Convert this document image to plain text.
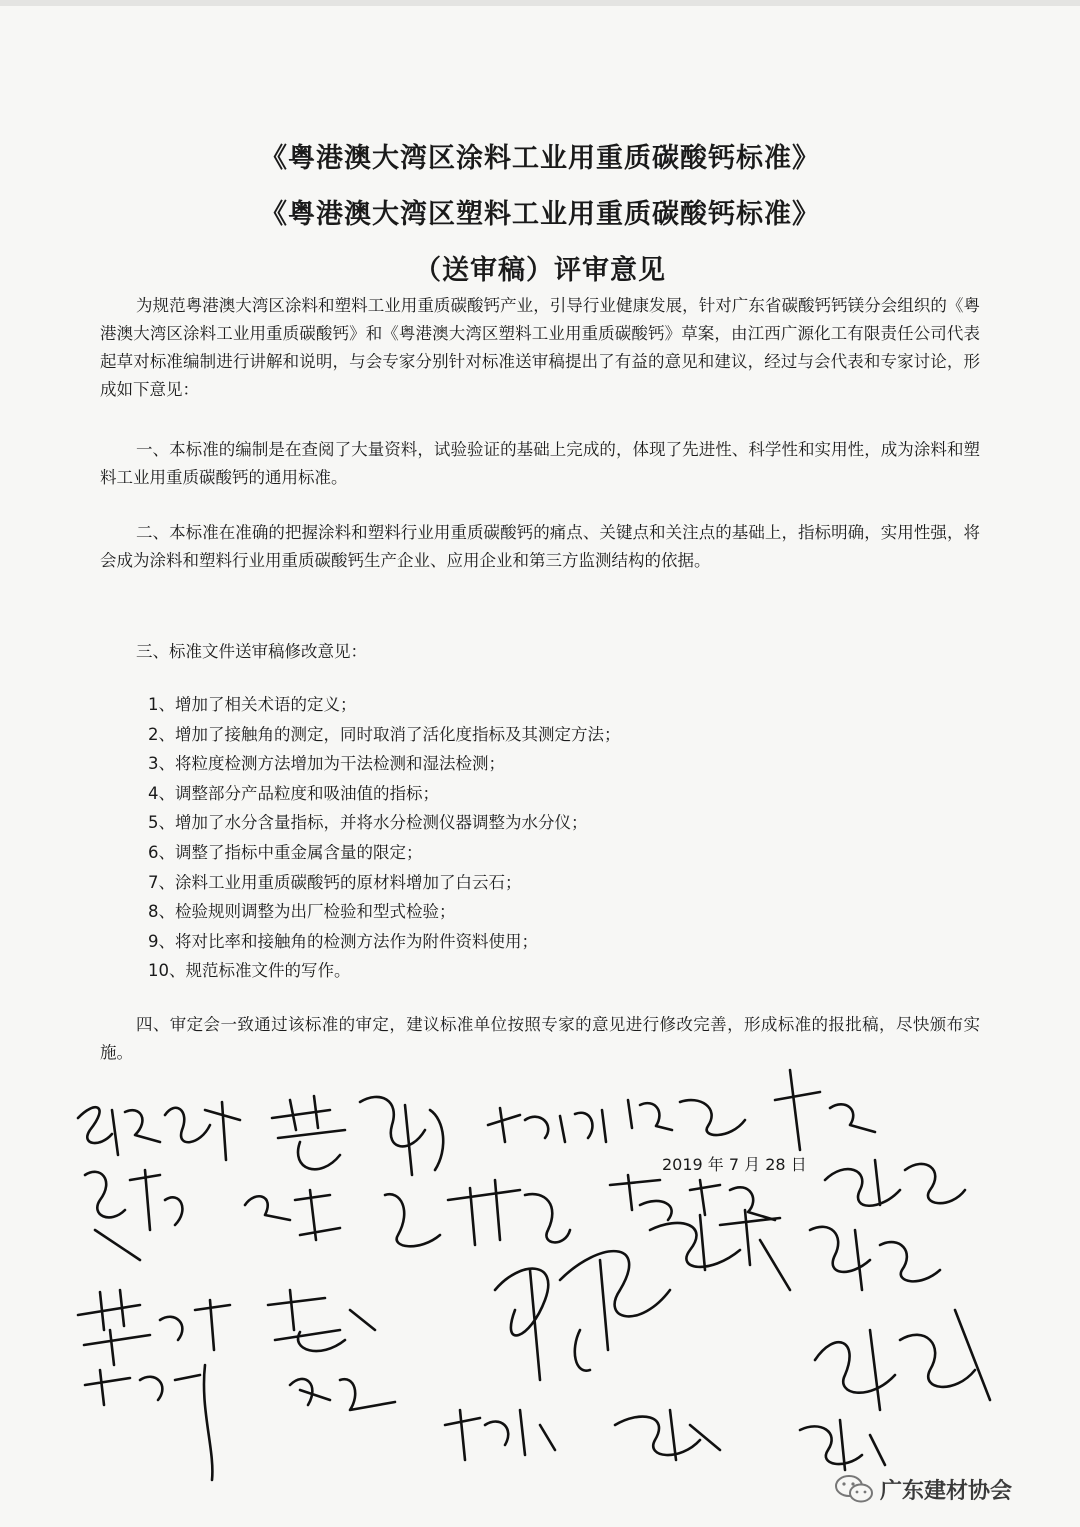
《粤港澳大湾区涂料工业用重质碳酸钙标准》
《粤港澳大湾区塑料工业用重质碳酸钙标准》
（送审稿）评审意见
为规范粤港澳大湾区涂料和塑料工业用重质碳酸钙产业，引导行业健康发展，针对广东省碳酸钙钙镁分会组织的《粤港澳大湾区涂料工业用重质碳酸钙》和《粤港澳大湾区塑料工业用重质碳酸钙》草案，由江西广源化工有限责任公司代表起草对标准编制进行讲解和说明，与会专家分别针对标准送审稿提出了有益的意见和建议，经过与会代表和专家讨论，形成如下意见：
一、本标准的编制是在查阅了大量资料，试验验证的基础上完成的，体现了先进性、科学性和实用性，成为涂料和塑料工业用重质碳酸钙的通用标准。
二、本标准在准确的把握涂料和塑料行业用重质碳酸钙的痛点、关键点和关注点的基础上，指标明确，实用性强，将会成为涂料和塑料行业用重质碳酸钙生产企业、应用企业和第三方监测结构的依据。
三、标准文件送审稿修改意见：
1、增加了相关术语的定义；
2、增加了接触角的测定，同时取消了活化度指标及其测定方法；
3、将粒度检测方法增加为干法检测和湿法检测；
4、调整部分产品粒度和吸油值的指标；
5、增加了水分含量指标，并将水分检测仪器调整为水分仪；
6、调整了指标中重金属含量的限定；
7、涂料工业用重质碳酸钙的原材料增加了白云石；
8、检验规则调整为出厂检验和型式检验；
9、将对比率和接触角的检测方法作为附件资料使用；
10、规范标准文件的写作。
四、审定会一致通过该标准的审定，建议标准单位按照专家的意见进行修改完善，形成标准的报批稿，尽快颁布实施。
2019 年 7 月 28 日
广东建材协会
